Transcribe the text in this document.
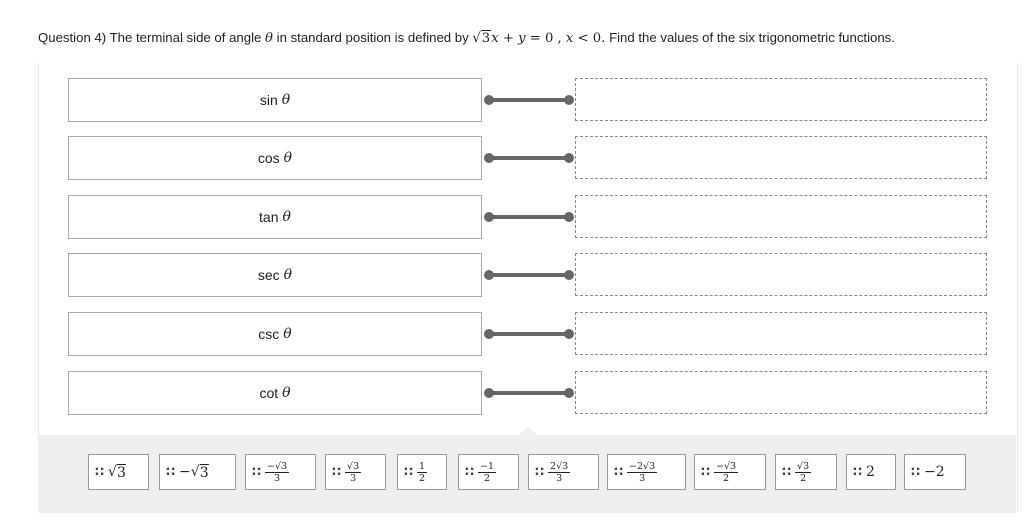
Question 4) The terminal side of angle θ in standard position is defined by √3x + y = 0 , x < 0. Find the values of the six trigonometric functions.
sin θ
cos θ
tan θ
sec θ
csc θ
cot θ
∷ √ 3	∷ − √ 3	∷ $\frac{-√3}{3}$	∷ $\frac{√3}{3}$	∷ $\frac{1}{2}$	∷ $\frac{-1}{2}$	∷ $\frac{2√3}{3}$	∷ $\frac{-2√3}{3}$	∷ $\frac{-√3}{2}$	∷ $\frac{√3}{2}$	∷ 2	∷ −2
